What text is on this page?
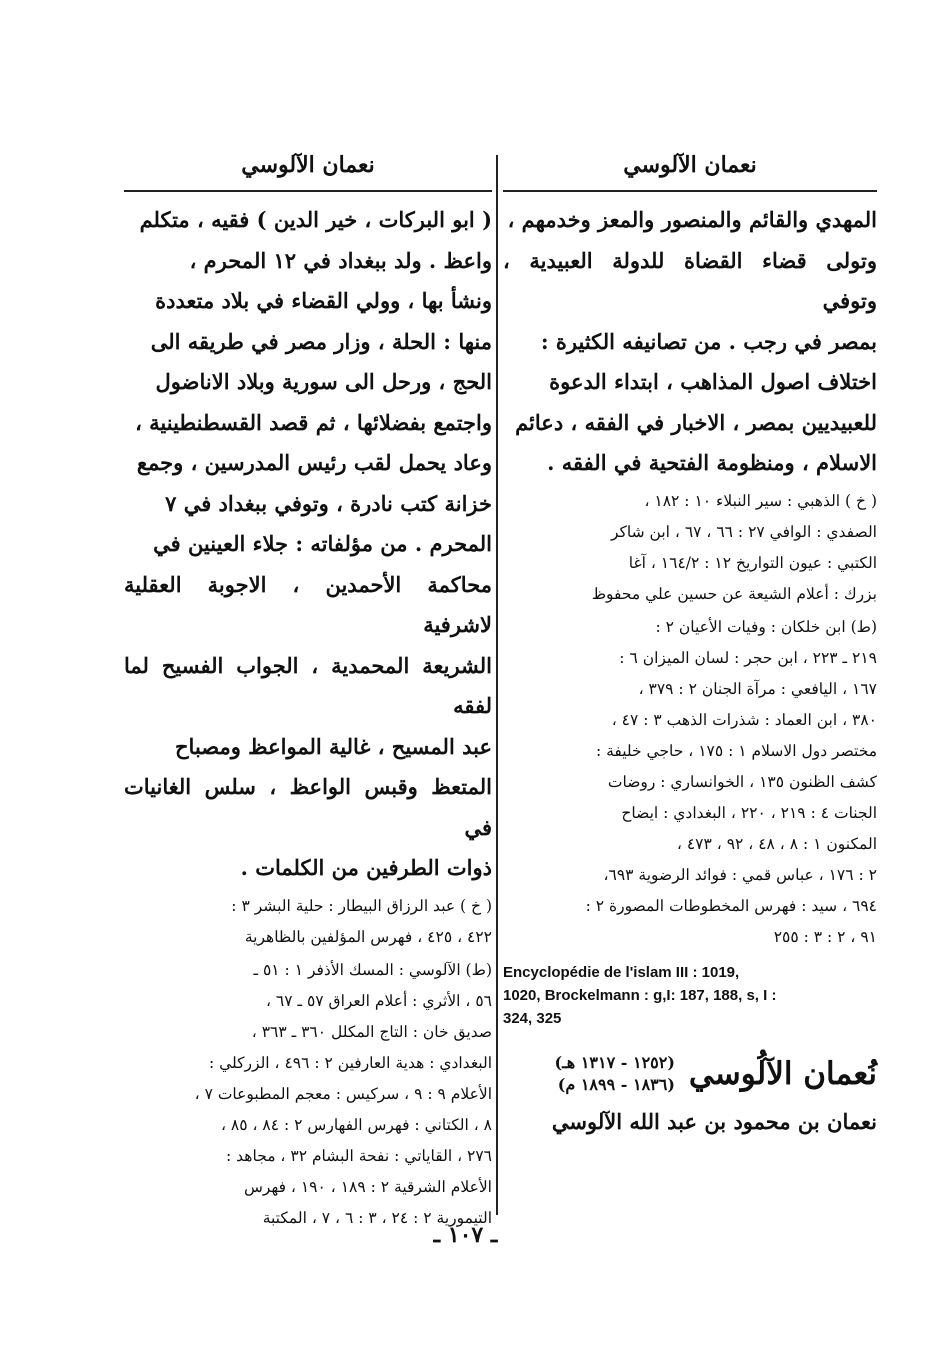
نعمان الآلوسي

المهدي والقائم والمنصور والمعز وخدمهم ،
وتولى قضاء القضاة للدولة العبيدية ، وتوفي
بمصر في رجب . من تصانيفه الكثيرة :
اختلاف اصول المذاهب ، ابتداء الدعوة
للعبيديين بمصر ، الاخبار في الفقه ، دعائم
الاسلام ، ومنظومة الفتحية في الفقه .

( خ ) الذهبي : سير النبلاء ١٠ : ١٨٢ ،
الصفدي : الوافي ٢٧ : ٦٦ ، ٦٧ ، ابن شاكر
الكتبي : عيون التواريخ ١٢ : ١٦٤/٢ ، آغا
بزرك : أعلام الشيعة عن حسين علي محفوظ

(ط) ابن خلكان : وفيات الأعيان ٢ :
٢١٩ ـ ٢٢٣ ، ابن حجر : لسان الميزان ٦ :
١٦٧ ، اليافعي : مرآة الجنان ٢ : ٣٧٩ ،
٣٨٠ ، ابن العماد : شذرات الذهب ٣ : ٤٧ ،
مختصر دول الاسلام ١ : ١٧٥ ، حاجي خليفة :
كشف الظنون ١٣٥ ، الخوانساري : روضات
الجنات ٤ : ٢١٩ ، ٢٢٠ ، البغدادي : ايضاح
المكنون ١ : ٨ ، ٤٨ ، ٩٢ ، ٤٧٣ ،
٢ : ١٧٦ ، عباس قمي : فوائد الرضوية ٦٩٣،
٦٩٤ ، سيد : فهرس المخطوطات المصورة ٢ :
٩١ ، ٢ : ٣ : ٢٥٥

Encyclopédie de l'islam III : 1019,
1020, Brockelmann : g,I: 187, 188, s, I :
324, 325

نُعمان الآلُوسي
(١٢٥٢ - ١٣١٧ هـ)
(١٨٣٦ - ١٨٩٩ م)
نعمان بن محمود بن عبد الله الآلوسي
نعمان الآلوسي

( ابو البركات ، خير الدين ) فقيه ، متكلم
واعظ . ولد ببغداد في ١٢ المحرم ،
ونشأ بها ، وولي القضاء في بلاد متعددة
منها : الحلة ، وزار مصر في طريقه الى
الحج ، ورحل الى سورية وبلاد الاناضول
واجتمع بفضلائها ، ثم قصد القسطنطينية ،
وعاد يحمل لقب رئيس المدرسين ، وجمع
خزانة كتب نادرة ، وتوفي ببغداد في ٧
المحرم . من مؤلفاته : جلاء العينين في
محاكمة الأحمدين ، الاجوبة العقلية لاشرفية
الشريعة المحمدية ، الجواب الفسيح لما لفقه
عبد المسيح ، غالية المواعظ ومصباح
المتعظ وقبس الواعظ ، سلس الغانيات في
ذوات الطرفين من الكلمات .

( خ ) عبد الرزاق البيطار : حلية البشر ٣ :
٤٢٢ ، ٤٢٥ ، فهرس المؤلفين بالظاهرية

(ط) الآلوسي : المسك الأذفر ١ : ٥١ ـ
٥٦ ، الأثري : أعلام العراق ٥٧ ـ ٦٧ ،
صديق خان : التاج المكلل ٣٦٠ ـ ٣٦٣ ،
البغدادي : هدية العارفين ٢ : ٤٩٦ ، الزركلي :
الأعلام ٩ : ٩ ، سركيس : معجم المطبوعات ٧ ،
٨ ، الكتاني : فهرس الفهارس ٢ : ٨٤ ، ٨٥ ،
٢٧٦ ، القاياتي : نفحة البشام ٣٢ ، مجاهد :
الأعلام الشرقية ٢ : ١٨٩ ، ١٩٠ ، فهرس
التيمورية ٢ : ٢٤ ، ٣ : ٦ ، ٧ ، المكتبة

ـ ١٠٧ ـ
